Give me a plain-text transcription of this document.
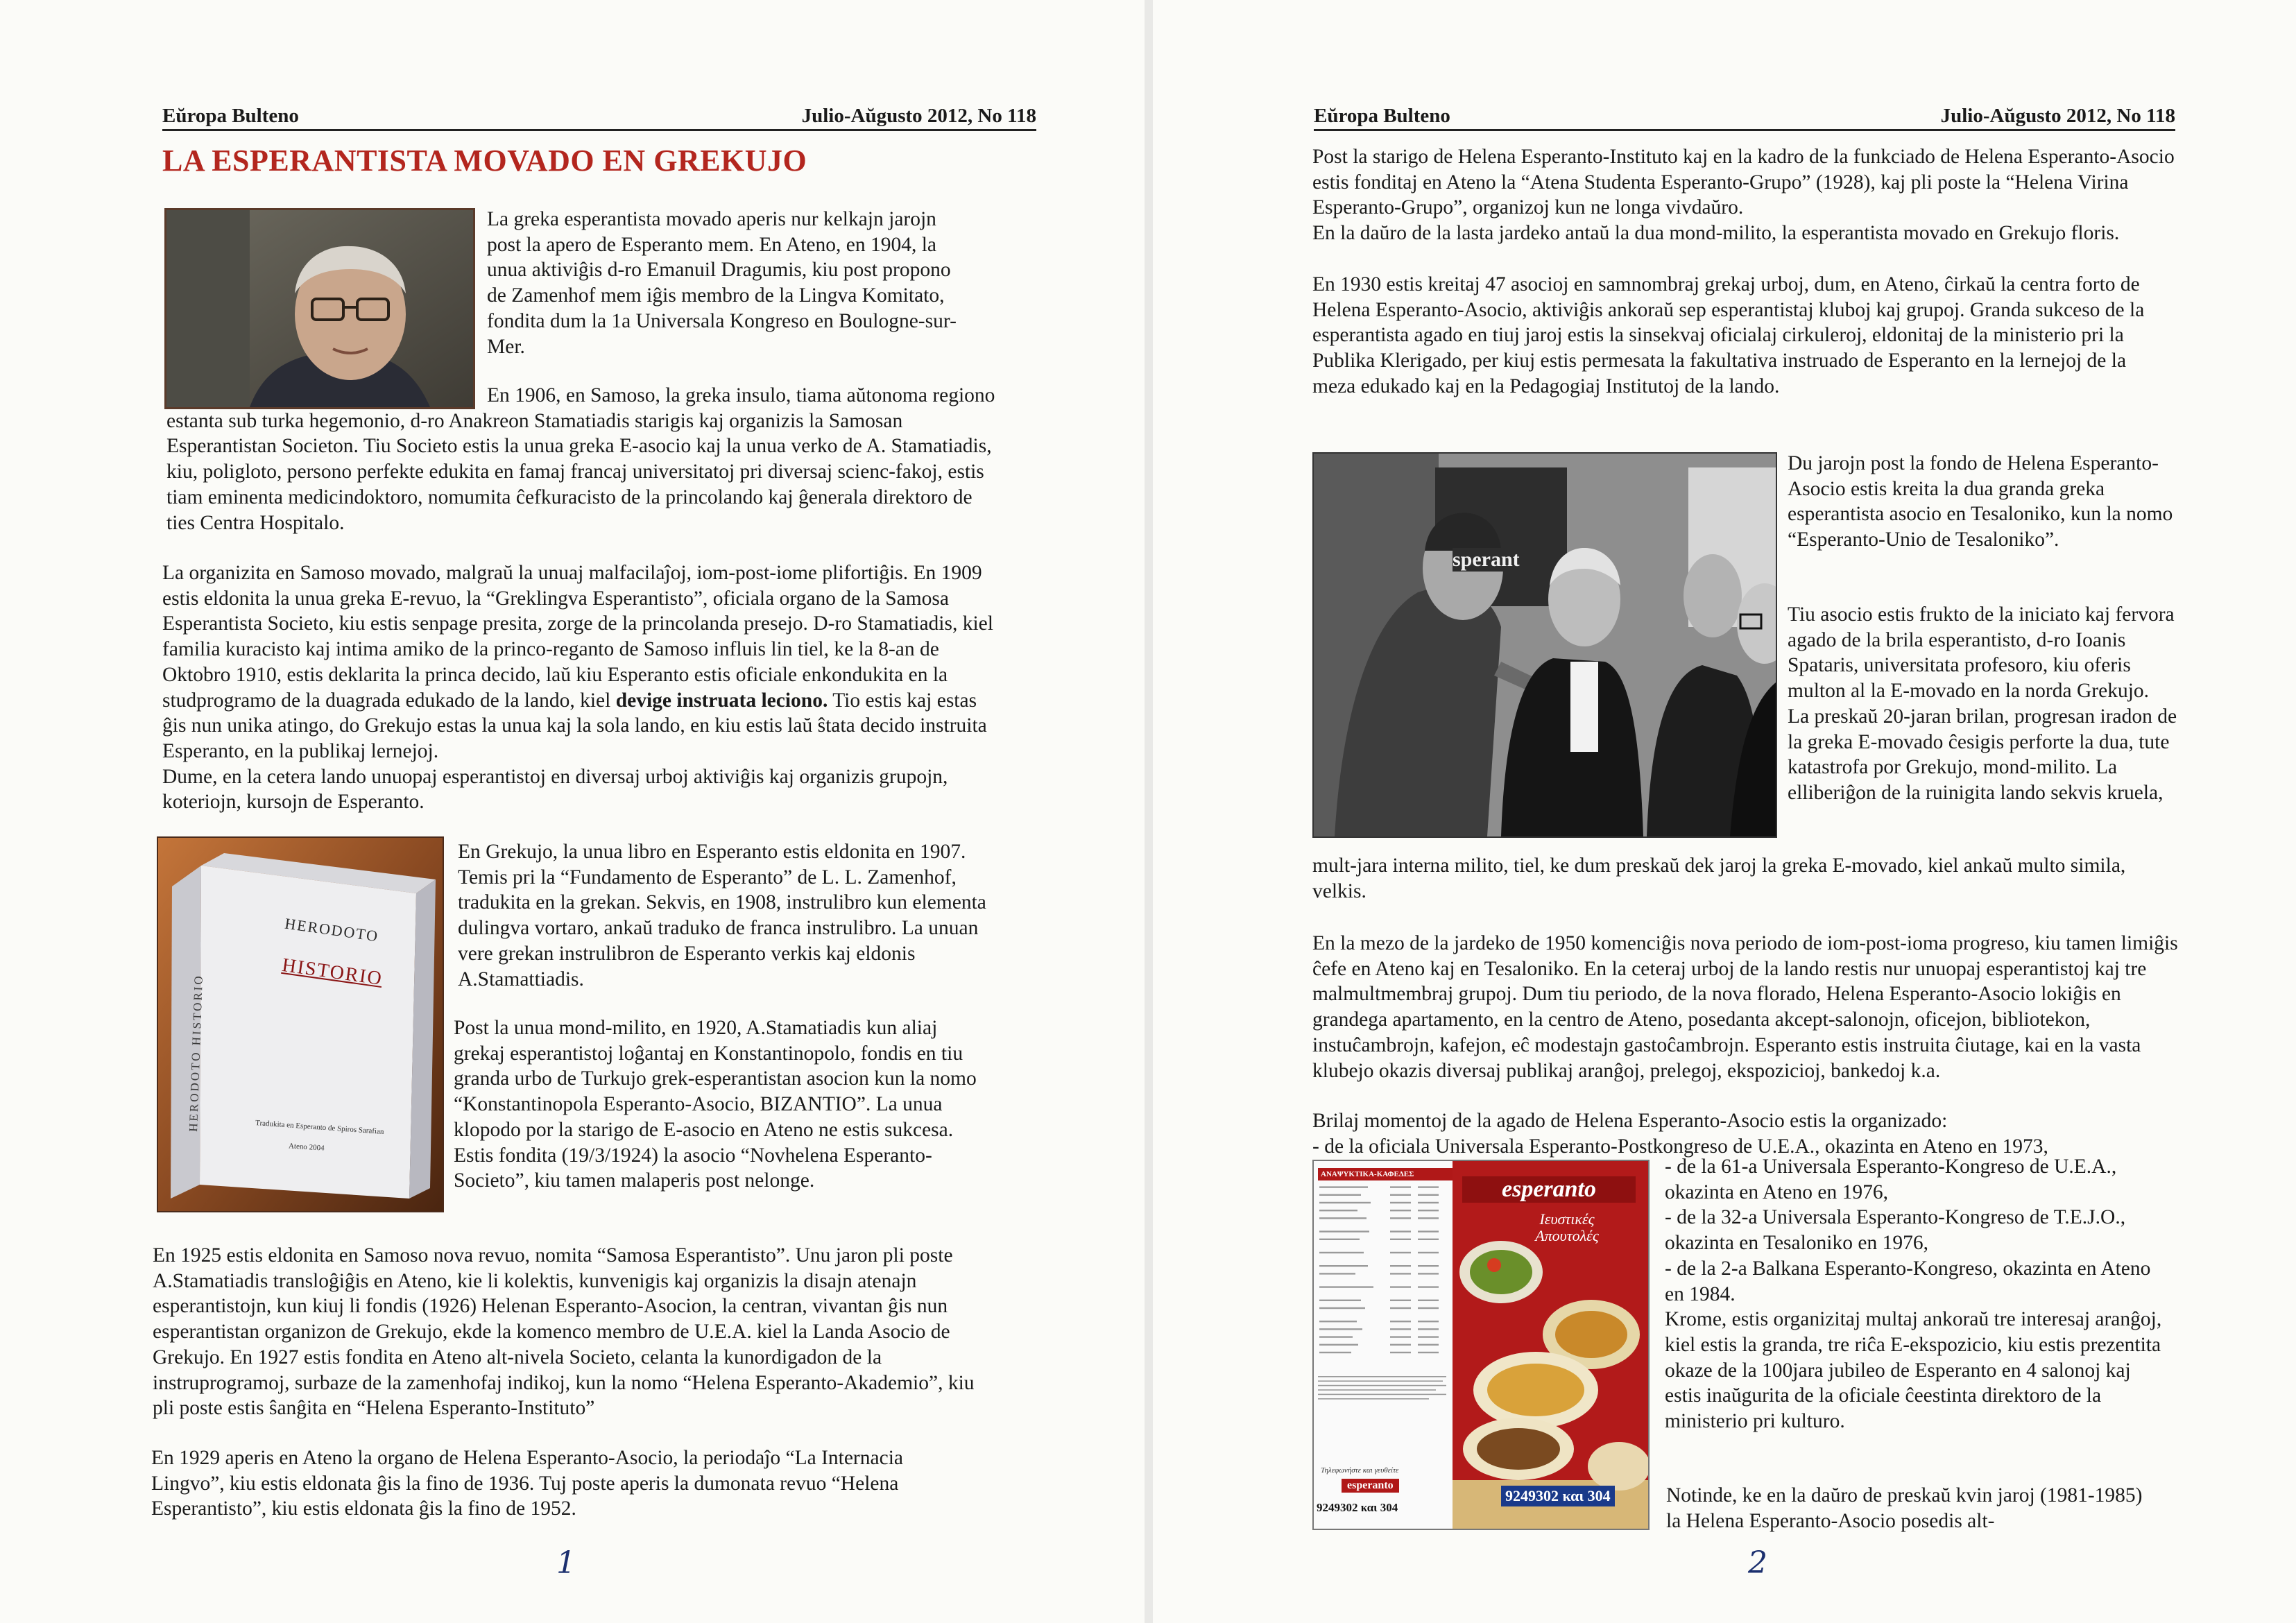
Eŭropa Bulteno	Julio-Aŭgusto 2012, No 118
LA ESPERANTISTA MOVADO EN GREKUJO
La greka esperantista movado aperis nur kelkajn jarojn post la apero de Esperanto mem. En Ateno, en 1904, la unua aktiviĝis d-ro Emanuil Dragumis, kiu post propono de Zamenhof mem iĝis membro de la Lingva Komitato, fondita dum la 1a Universala Kongreso en Boulogne-sur-Mer.
En 1906, en Samoso, la greka insulo, tiama aŭtonoma regiono estanta sub turka hegemonio, d-ro Anakreon Stamatiadis starigis kaj organizis la Samosan Esperantistan Societon. Tiu Societo estis la unua greka E-asocio kaj la unua verko de A. Stamatiadis, kiu, poligloto, persono perfekte edukita en famaj francaj universitatoj pri diversaj scienc-fakoj, estis tiam eminenta medicindoktoro, nomumita ĉefkuracisto de la princolando kaj ĝenerala direktoro de ties Centra Hospitalo.

La organizita en Samoso movado, malgraŭ la unuaj malfacilaĵoj, iom-post-iome plifortiĝis. En 1909 estis eldonita la unua greka E-revuo, la “Greklingva Esperantisto”, oficiala organo de la Samosa Esperantista Societo, kiu estis senpage presita, zorge de la princolanda presejo. D-ro Stamatiadis, kiel familia kuracisto kaj intima amiko de la princo-reganto de Samoso influis lin tiel, ke la 8-an de Oktobro 1910, estis deklarita la princa decido, laŭ kiu Esperanto estis oficiale enkondukita en la studprogramo de la duagrada edukado de la lando, kiel devige instruata leciono. Tio estis kaj estas ĝis nun unika atingo, do Grekujo estas la unua kaj la sola lando, en kiu estis laŭ ŝtata decido instruita Esperanto, en la publikaj lernejoj.

Dume, en la cetera lando unuopaj esperantistoj en diversaj urboj aktiviĝis kaj organizis grupojn, koteriojn, kursojn de Esperanto.

HERODOTO
HISTORIO
HERODOTO HISTORIO	Tradukita en Esperanto de Spiros Sarafian
Ateno 2004
En Grekujo, la unua libro en Esperanto estis eldonita en 1907. Temis pri la “Fundamento de Esperanto” de L. L. Zamenhof, tradukita en la grekan. Sekvis, en 1908, instrulibro kun elementa dulingva vortaro, ankaŭ traduko de franca instrulibro. La unuan vere grekan instrulibron de Esperanto verkis kaj eldonis A.Stamattiadis.
Post la unua mond-milito, en 1920, A.Stamatiadis kun aliaj grekaj esperantistoj loĝantaj en Konstantinopolo, fondis en tiu granda urbo de Turkujo grek-esperantistan asocion kun la nomo “Konstantinopola Esperanto-Asocio, BIZANTIO”. La unua klopodo por la starigo de E-asocio en Ateno ne estis sukcesa. Estis fondita (19/3/1924) la asocio “Novhelena Esperanto-Societo”, kiu tamen malaperis post nelonge.
En 1925 estis eldonita en Samoso nova revuo, nomita “Samosa Esperantisto”. Unu jaron pli poste A.Stamatiadis transloĝiĝis en Ateno, kie li kolektis, kunvenigis kaj organizis la disajn atenajn esperantistojn, kun kiuj li fondis (1926) Helenan Esperanto-Asocion, la centran, vivantan ĝis nun esperantistan organizon de Grekujo, ekde la komenco membro de U.E.A. kiel la Landa Asocio de Grekujo. En 1927 estis fondita en Ateno alt-nivela Societo, celanta la kunordigadon de la instruprogramoj, surbaze de la zamenhofaj indikoj, kun la nomo “Helena Esperanto-Akademio”, kiu pli poste estis ŝanĝita en “Helena Esperanto-Instituto”
En 1929 aperis en Ateno la organo de Helena Esperanto-Asocio, la periodaĵo “La Internacia Lingvo”, kiu estis eldonata ĝis la fino de 1936. Tuj poste aperis la dumonata revuo “Helena Esperantisto”, kiu estis eldonata ĝis la fino de 1952.
1
Eŭropa Bulteno	Julio-Aŭgusto 2012, No 118

Post la starigo de Helena Esperanto-Instituto kaj en la kadro de la funkciado de Helena Esperanto-Asocio estis fonditaj en Ateno la “Atena Studenta Esperanto-Grupo” (1928), kaj pli poste la “Helena Virina Esperanto-Grupo”, organizoj kun ne longa vivdaŭro.

En la daŭro de la lasta jardeko antaŭ la dua mond-milito, la esperantista movado en Grekujo floris.

En 1930 estis kreitaj 47 asocioj en samnombraj grekaj urboj, dum, en Ateno, ĉirkaŭ la centra forto de Helena Esperanto-Asocio, aktiviĝis ankoraŭ sep esperantistaj kluboj kaj grupoj. Granda sukceso de la esperantista agado en tiuj jaroj estis la sinsekvaj oficialaj cirkuleroj, eldonitaj de la ministerio pri la Publika Klerigado, per kiuj estis permesata la fakultativa instruado de Esperanto en la lernejoj de la meza edukado kaj en la Pedagogiaj Institutoj de la lando.
sperant
Du jarojn post la fondo de Helena Esperanto-Asocio estis kreita la dua granda greka esperantista asocio en Tesaloniko, kun la nomo “Esperanto-Unio de Tesaloniko”.

Tiu asocio estis frukto de la iniciato kaj fervora agado de la brila esperantisto, d-ro Ioanis Spataris, universitata profesoro, kiu oferis multon al la E-movado en la norda Grekujo.

La preskaŭ 20-jaran brilan, progresan iradon de la greka E-movado ĉesigis perforte la dua, tute katastrofa por Grekujo, mond-milito. La elliberiĝon de la ruinigita lando sekvis kruela,

mult-jara interna milito, tiel, ke dum preskaŭ dek jaroj la greka E-movado, kiel ankaŭ multo simila, velkis.
En la mezo de la jardeko de 1950 komenciĝis nova periodo de iom-post-ioma progreso, kiu tamen limiĝis ĉefe en Ateno kaj en Tesaloniko. En la ceteraj urboj de la lando restis nur unuopaj esperantistoj kaj tre malmultmembraj grupoj. Dum tiu periodo, de la nova florado, Helena Esperanto-Asocio lokiĝis en grandega apartamento, en la centro de Ateno, posedanta akcept-salonojn, oficejon, bibliotekon, instuĉambrojn, kafejon, eĉ modestajn gastoĉambrojn. Esperanto estis instruita ĉiutage, kai en la vasta klubejo okazis diversaj publikaj aranĝoj, prelegoj, ekspozicioj, bankedoj k.a.

Brilaj momentoj de la agado de Helena Esperanto-Asocio estis la organizado:

- de la oficiala Universala Esperanto-Postkongreso de U.E.A., okazinta en Ateno en 1973,

ΑΝΑΨΥΚΤΙΚΑ-ΚΑΦΕΔΕΣ
Τηλεφωνήστε και γευθείτε
esperanto
9249302 και 304
esperanto
Ιευστικές Απουτολές
9249302 και 304

- de la 61-a Universala Esperanto-Kongreso de U.E.A., okazinta en Ateno en 1976,

- de la 32-a Universala Esperanto-Kongreso de T.E.J.O., okazinta en Tesaloniko en 1976,

- de la 2-a Balkana Esperanto-Kongreso, okazinta en Ateno en 1984.

Krome, estis organizitaj multaj ankoraŭ tre interesaj aranĝoj, kiel estis la granda, tre riĉa E-ekspozicio, kiu estis prezentita okaze de la 100jara jubileo de Esperanto en 4 salonoj kaj estis inaŭgurita de la oficiale ĉeestinta direktoro de la ministerio pri kulturo.

Notinde, ke en la daŭro de preskaŭ kvin jaroj (1981-1985) la Helena Esperanto-Asocio posedis alt-
2
